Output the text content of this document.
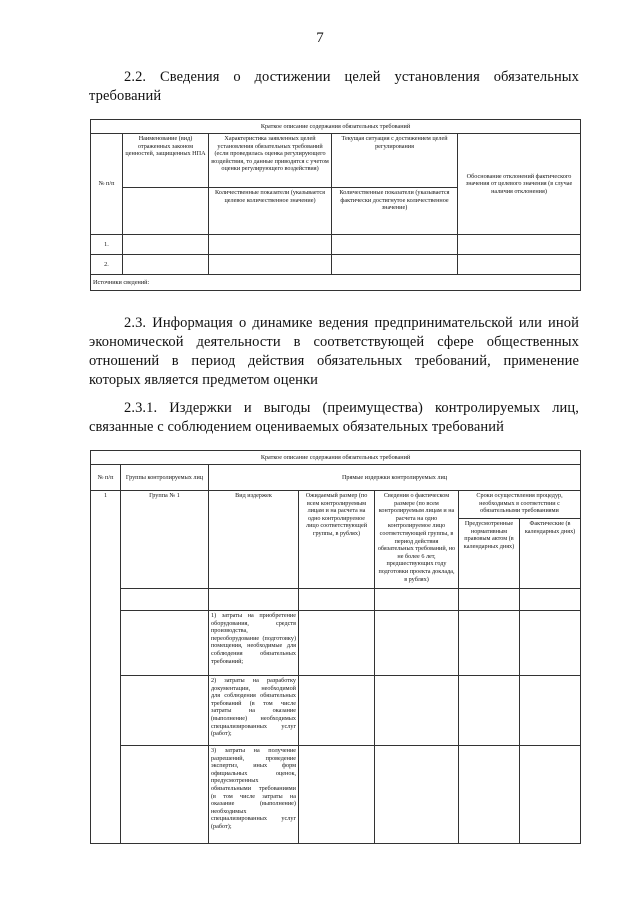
7
2.2. Сведения о достижении целей установления обязательных
требований
Краткое описание содержания обязательных требований				
№ п/п	Наименование (вид) отраженных законом ценностей, защищенных НПА	Характеристика заявленных целей установления обязательных требований (если проведилась оценка регулирующего воздействия, то данные приводятся с учетом оценки регулирующего воздействия)	Текущая ситуация с достижением целей регулирования	Обоснование отклонений фактического значения от целевого значения (в случае наличия отклонения)
		Количественные показатели (указывается целевое количественное значение)	Количественные показатели (указывается фактически достигнутое количественное значение)	
1.				
2.				
Источники сведений:				
2.3. Информация о динамике ведения предпринимательской или иной
экономической деятельности в соответствующей сфере общественных
отношений в период действия обязательных требований, применение
которых является предметом оценки
2.3.1. Издержки и выгоды (преимущества) контролируемых лиц,
связанные с соблюдением оцениваемых обязательных требований
Краткое описание содержания обязательных требований						
№ п/п	Группы контролируемых лиц	Прямые издержки контролируемых лиц				
1	Группа № 1	Вид издержек	Ожидаемый размер (по всем контролируемым лицам и на расчета на одно контролируемое лицо соответствующей группы, в рублях)	Сведения о фактическом размере (по всем контролируемым лицам и на расчета на одно контролируемое лицо соответствующей группы, в период действия обязательных требований, но не более 6 лет, предшествующих году подготовки проекта доклада, в рублях)	Сроки осуществления процедур, необходимых в соответствии с обязательными требованиями	
					Предусмотренные нормативным правовым актом (в календарных днях)	Фактические (в календарных днях)

		1) затраты на приобретение оборудования, средств производства, переоборудование (подготовку) помещения, необходимые для соблюдения обязательных требований;				
		2) затраты на разработку документации, необходимой для соблюдения обязательных требований (в том числе затраты на оказание (выполнение) необходимых специализированных услуг (работ);				
		3) затраты на получение разрешений, проведение экспертиз, иных форм официальных оценок, предусмотренных обязательными требованиями (в том числе затраты на оказание (выполнение) необходимых специализированных услуг (работ);				
